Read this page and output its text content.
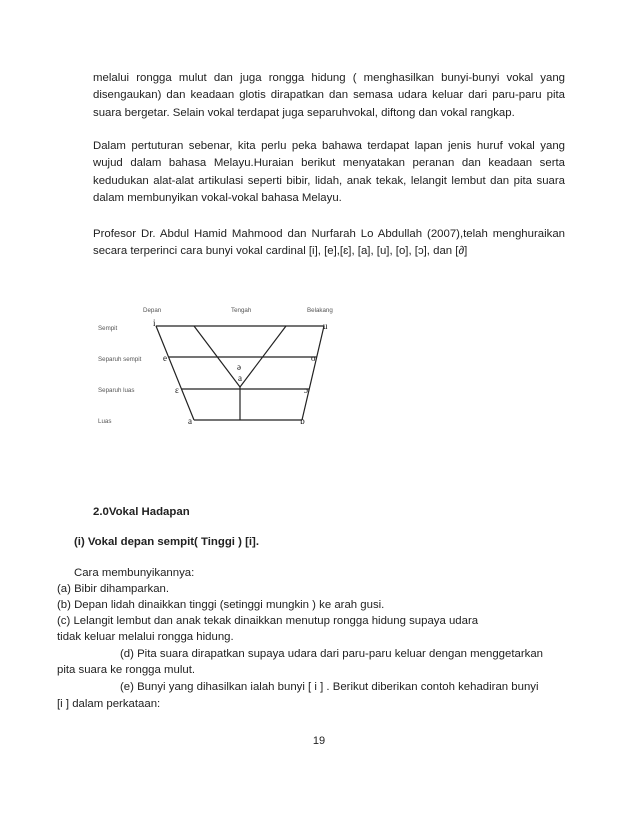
melalui rongga mulut dan juga rongga hidung ( menghasilkan bunyi-bunyi vokal yang disengaukan) dan keadaan glotis dirapatkan dan semasa udara keluar dari paru-paru pita suara bergetar. Selain vokal terdapat juga separuhvokal, diftong dan vokal rangkap.

Dalam pertuturan sebenar, kita perlu peka bahawa terdapat lapan jenis huruf vokal yang wujud dalam bahasa Melayu.Huraian berikut menyatakan peranan dan keadaan serta kedudukan alat-alat artikulasi seperti bibir, lidah, anak tekak, lelangit lembut dan pita suara dalam membunyikan vokal-vokal bahasa Melayu.

Profesor Dr. Abdul Hamid Mahmood dan Nurfarah Lo Abdullah (2007),telah menghuraikan secara terperinci cara bunyi vokal cardinal [i], [e],[ɛ], [a], [u], [o], [ɔ], dan [∂]

Depan	Tengah	Belakang
Sempit
Separuh sempit
Separuh luas
Luas
i	u
e	o
ə
a
ɛ	ɔ
a	ɒ

2.0Vokal Hadapan

(i) Vokal depan sempit( Tinggi ) [i].

Cara membunyikannya:

(a) Bibir dihamparkan.

(b) Depan lidah dinaikkan tinggi (setinggi mungkin ) ke arah gusi.

(c) Lelangit lembut dan anak tekak dinaikkan menutup rongga hidung supaya udara

tidak keluar melalui rongga hidung.

(d) Pita suara dirapatkan supaya udara dari paru-paru keluar dengan menggetarkan

pita suara ke rongga mulut.

(e) Bunyi yang dihasilkan ialah bunyi [ i ] . Berikut diberikan contoh kehadiran bunyi

[i ] dalam perkataan:

19
